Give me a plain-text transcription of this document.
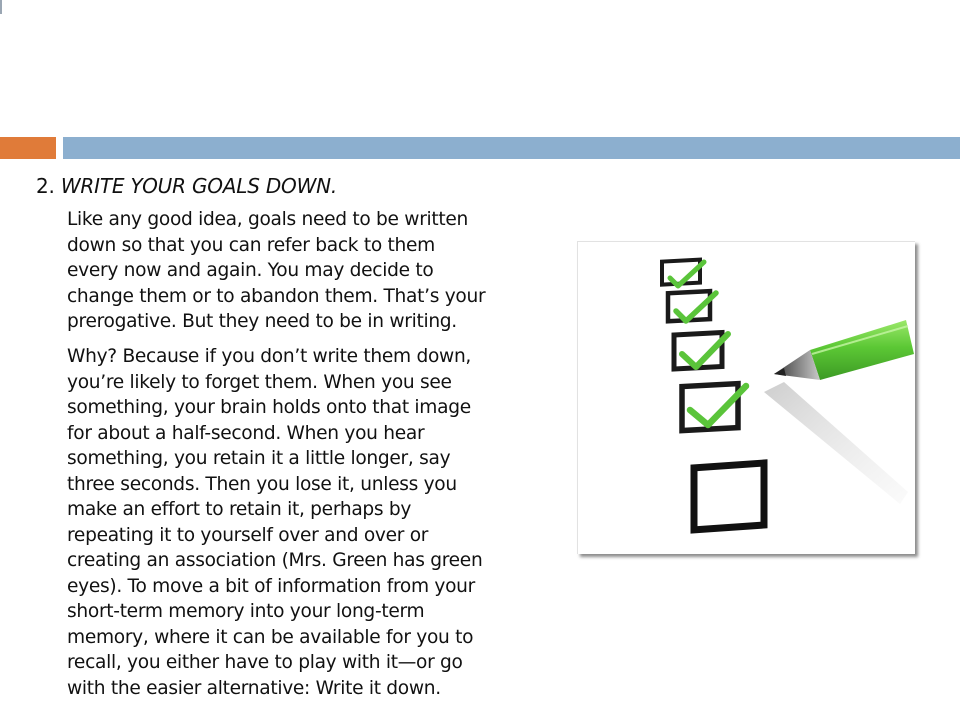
2. WRITE YOUR GOALS DOWN.
Like any good idea, goals need to be written
down so that you can refer back to them
every now and again. You may decide to
change them or to abandon them. That’s your
prerogative. But they need to be in writing.
Why? Because if you don’t write them down,
you’re likely to forget them. When you see
something, your brain holds onto that image
for about a half-second. When you hear
something, you retain it a little longer, say
three seconds. Then you lose it, unless you
make an effort to retain it, perhaps by
repeating it to yourself over and over or
creating an association (Mrs. Green has green
eyes). To move a bit of information from your
short-term memory into your long-term
memory, where it can be available for you to
recall, you either have to play with it—or go
with the easier alternative: Write it down.
